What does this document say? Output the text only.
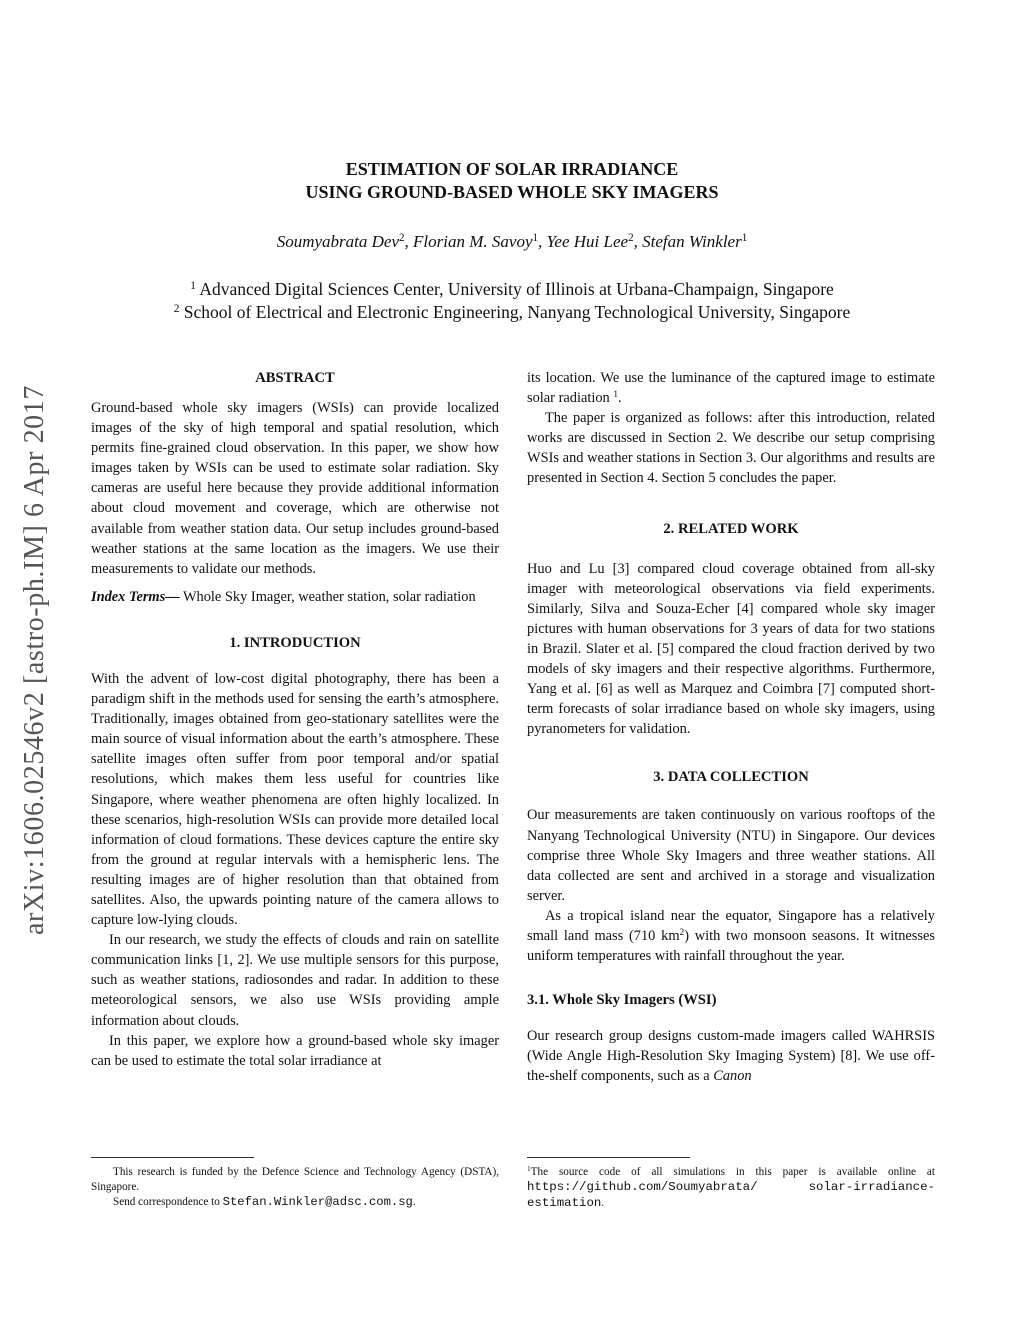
ESTIMATION OF SOLAR IRRADIANCE
USING GROUND-BASED WHOLE SKY IMAGERS
Soumyabrata Dev$^2$, Florian M. Savoy$^1$, Yee Hui Lee$^2$, Stefan Winkler$^1$
$^1$ Advanced Digital Sciences Center, University of Illinois at Urbana-Champaign, Singapore
$^2$ School of Electrical and Electronic Engineering, Nanyang Technological University, Singapore
arXiv:1606.02546v2 [astro-ph.IM] 6 Apr 2017
ABSTRACT

Ground-based whole sky imagers (WSIs) can provide localized images of the sky of high temporal and spatial resolution, which permits fine-grained cloud observation. In this paper, we show how images taken by WSIs can be used to estimate solar radiation. Sky cameras are useful here because they provide additional information about cloud movement and coverage, which are otherwise not available from weather station data. Our setup includes ground-based weather stations at the same location as the imagers. We use their measurements to validate our methods.

Index Terms— Whole Sky Imager, weather station, solar radiation

1. INTRODUCTION

With the advent of low-cost digital photography, there has been a paradigm shift in the methods used for sensing the earth’s atmosphere. Traditionally, images obtained from geo-stationary satellites were the main source of visual information about the earth’s atmosphere. These satellite images often suffer from poor temporal and/or spatial resolutions, which makes them less useful for countries like Singapore, where weather phenomena are often highly localized. In these scenarios, high-resolution WSIs can provide more detailed local information of cloud formations. These devices capture the entire sky from the ground at regular intervals with a hemispheric lens. The resulting images are of higher resolution than that obtained from satellites. Also, the upwards pointing nature of the camera allows to capture low-lying clouds.

In our research, we study the effects of clouds and rain on satellite communication links [1, 2]. We use multiple sensors for this purpose, such as weather stations, radiosondes and radar. In addition to these meteorological sensors, we also use WSIs providing ample information about clouds.

In this paper, we explore how a ground-based whole sky imager can be used to estimate the total solar irradiance at

This research is funded by the Defence Science and Technology Agency (DSTA), Singapore.

Send correspondence to Stefan.Winkler@adsc.com.sg.

its location. We use the luminance of the captured image to estimate solar radiation $^1$.

The paper is organized as follows: after this introduction, related works are discussed in Section 2. We describe our setup comprising WSIs and weather stations in Section 3. Our algorithms and results are presented in Section 4. Section 5 concludes the paper.

2. RELATED WORK

Huo and Lu [3] compared cloud coverage obtained from all-sky imager with meteorological observations via field experiments. Similarly, Silva and Souza-Echer [4] compared whole sky imager pictures with human observations for 3 years of data for two stations in Brazil. Slater et al. [5] compared the cloud fraction derived by two models of sky imagers and their respective algorithms. Furthermore, Yang et al. [6] as well as Marquez and Coimbra [7] computed short-term forecasts of solar irradiance based on whole sky imagers, using pyranometers for validation.

3. DATA COLLECTION

Our measurements are taken continuously on various rooftops of the Nanyang Technological University (NTU) in Singapore. Our devices comprise three Whole Sky Imagers and three weather stations. All data collected are sent and archived in a storage and visualization server.

As a tropical island near the equator, Singapore has a relatively small land mass (710 $km^2$) with two monsoon seasons. It witnesses uniform temperatures with rainfall throughout the year.

3.1. Whole Sky Imagers (WSI)

Our research group designs custom-made imagers called WAHRSIS (Wide Angle High-Resolution Sky Imaging System) [8]. We use off-the-shelf components, such as a Canon

$^1$The source code of all simulations in this paper is available online at https://github.com/Soumyabrata/ solar-irradiance-estimation.
